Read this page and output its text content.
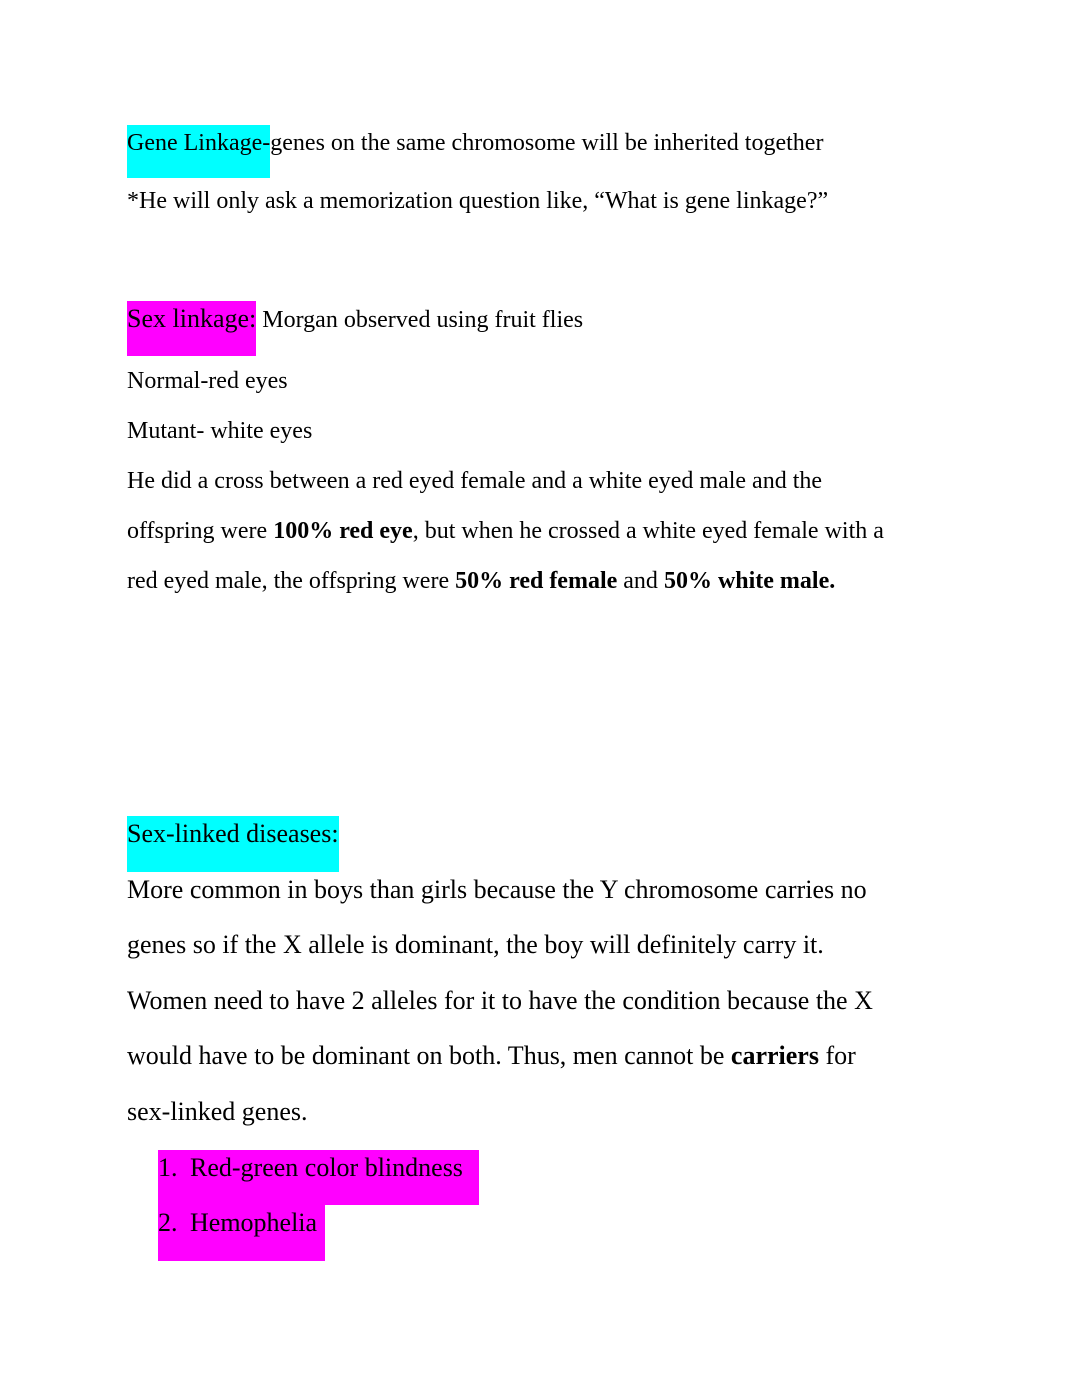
Gene Linkage-genes on the same chromosome will be inherited together
*He will only ask a memorization question like, “What is gene linkage?”
Sex linkage: Morgan observed using fruit flies
Normal-red eyes
Mutant- white eyes
He did a cross between a red eyed female and a white eyed male and the
offspring were 100% red eye, but when he crossed a white eyed female with a
red eyed male, the offspring were 50% red female and 50% white male.
Sex-linked diseases:
More common in boys than girls because the Y chromosome carries no
genes so if the X allele is dominant, the boy will definitely carry it.
Women need to have 2 alleles for it to have the condition because the X
would have to be dominant on both. Thus, men cannot be carriers for
sex-linked genes.
1. Red-green color blindness
2. Hemophelia
